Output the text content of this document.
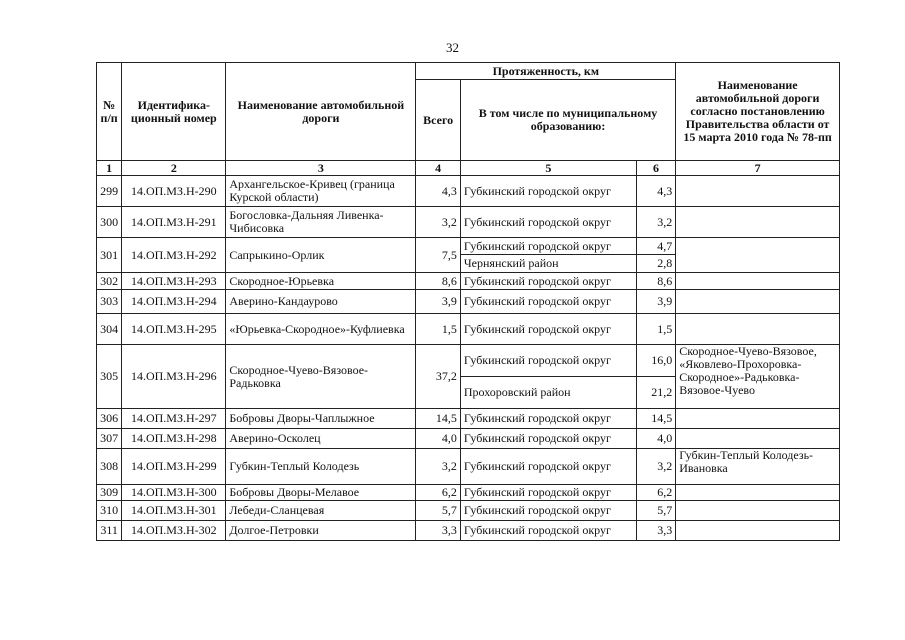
32
№ п/п	Идентифика-ционный номер	Наименование автомобильной дороги	Протяженность, км			Наименование автомобильной дороги согласно постановлению Правительства области от 15 марта 2010 года № 78-пп
			Всего	В том числе по муниципальному образованию:		
1	2	3	4	5	6	7
299	14.ОП.МЗ.Н-290	Архангельское-Кривец (граница Курской области)	4,3	Губкинский городской округ	4,3	
300	14.ОП.МЗ.Н-291	Богословка-Дальняя Ливенка-Чибисовка	3,2	Губкинский городской округ	3,2	
301	14.ОП.МЗ.Н-292	Сапрыкино-Орлик	7,5	Губкинский городской округ	4,7	
				Чернянский район	2,8	
302	14.ОП.МЗ.Н-293	Скородное-Юрьевка	8,6	Губкинский городской округ	8,6	
303	14.ОП.МЗ.Н-294	Аверино-Кандаурово	3,9	Губкинский городской округ	3,9	
304	14.ОП.МЗ.Н-295	«Юрьевка-Скородное»-Куфлиевка	1,5	Губкинский городской округ	1,5	
305	14.ОП.МЗ.Н-296	Скородное-Чуево-Вязовое-Радьковка	37,2	Губкинский городской округ	16,0	Скородное-Чуево-Вязовое, «Яковлево-Прохоровка-Скородное»-Радьковка-Вязовое-Чуево
				Прохоровский район	21,2	
306	14.ОП.МЗ.Н-297	Бобровы Дворы-Чаплыжное	14,5	Губкинский городской округ	14,5	
307	14.ОП.МЗ.Н-298	Аверино-Осколец	4,0	Губкинский городской округ	4,0	
308	14.ОП.МЗ.Н-299	Губкин-Теплый Колодезь	3,2	Губкинский городской округ	3,2	Губкин-Теплый Колодезь-Ивановка
309	14.ОП.МЗ.Н-300	Бобровы Дворы-Мелавое	6,2	Губкинский городской округ	6,2	
310	14.ОП.МЗ.Н-301	Лебеди-Сланцевая	5,7	Губкинский городской округ	5,7	
311	14.ОП.МЗ.Н-302	Долгое-Петровки	3,3	Губкинский городской округ	3,3	
